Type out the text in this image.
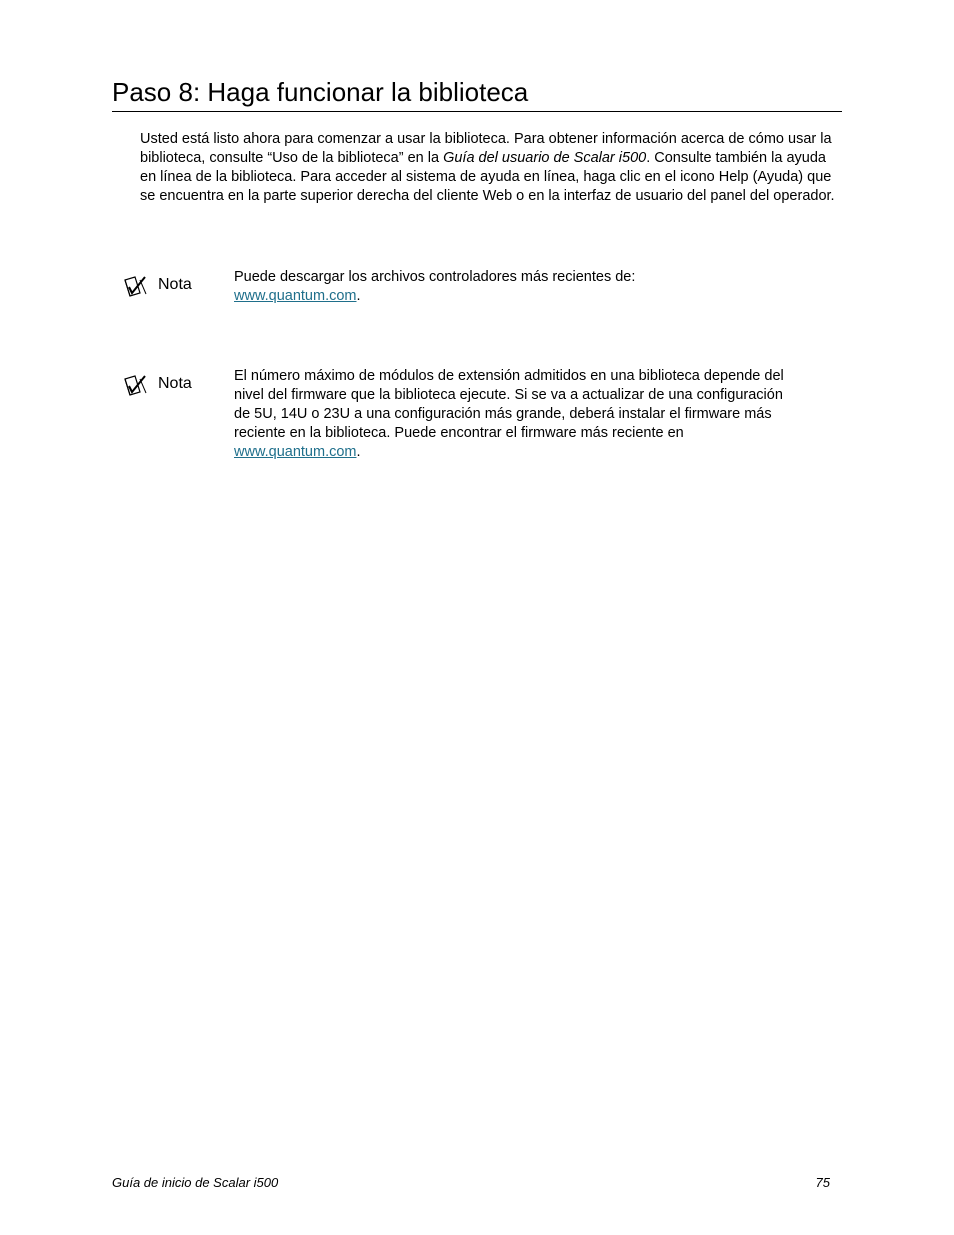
Paso 8: Haga funcionar la biblioteca

Usted está listo ahora para comenzar a usar la biblioteca. Para obtener información acerca de cómo usar la biblioteca, consulte “Uso de la biblioteca” en la Guía del usuario de Scalar i500. Consulte también la ayuda en línea de la biblioteca. Para acceder al sistema de ayuda en línea, haga clic en el icono Help (Ayuda) que se encuentra en la parte superior derecha del cliente Web o en la interfaz de usuario del panel del operador.

Nota	Puede descargar los archivos controladores más recientes de:
www.quantum.com.

Nota	El número máximo de módulos de extensión admitidos en una biblioteca depende del nivel del firmware que la biblioteca ejecute. Si se va a actualizar de una configuración de 5U, 14U o 23U a una configuración más grande, deberá instalar el firmware más reciente en la biblioteca. Puede encontrar el firmware más reciente en www.quantum.com.

Guía de inicio de Scalar i500	75
